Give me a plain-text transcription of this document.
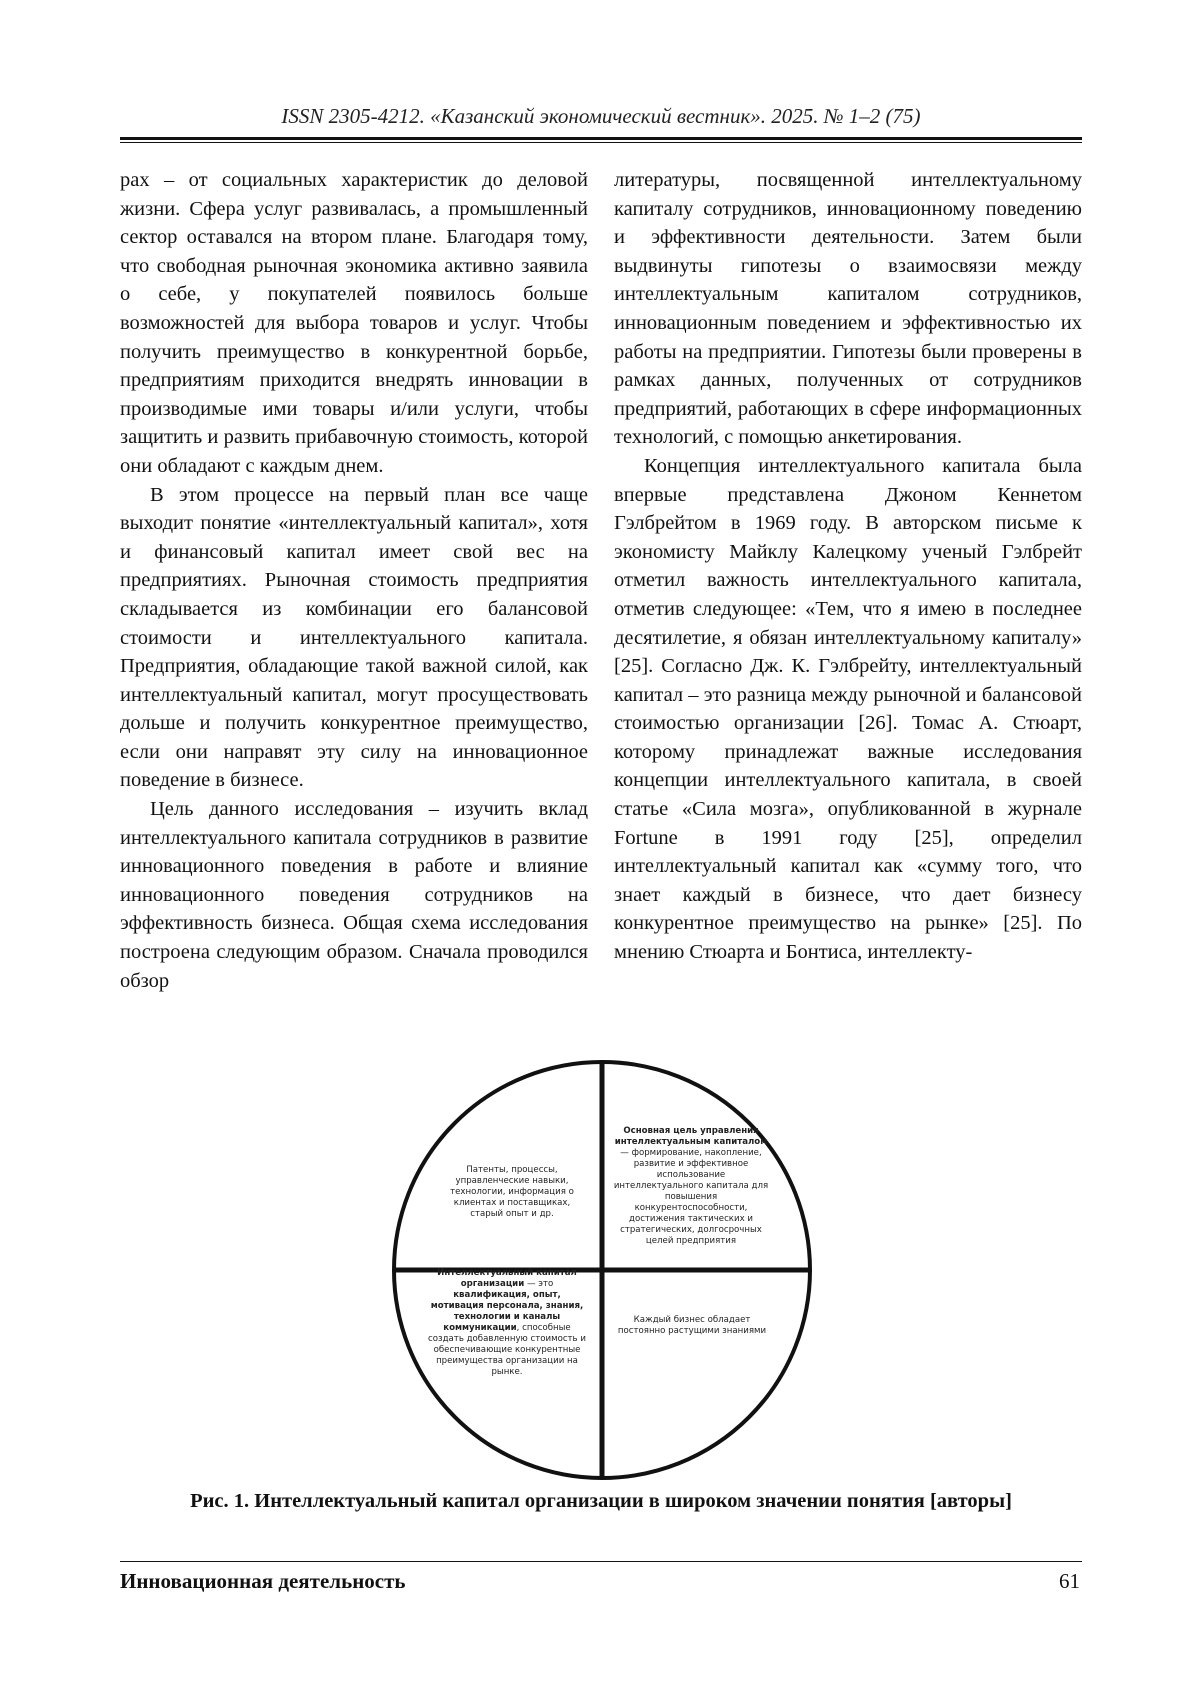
ISSN 2305-4212. «Казанский экономический вестник». 2025. № 1–2 (75)

рах – от социальных характеристик до деловой жизни. Сфера услуг развивалась, а промышленный сектор оставался на втором плане. Благодаря тому, что свободная рыночная экономика активно заявила о себе, у покупателей появилось больше возможностей для выбора товаров и услуг. Чтобы получить преимущество в конкурентной борьбе, предприятиям приходится внедрять инновации в производимые ими товары и/или услуги, чтобы защитить и развить прибавочную стоимость, которой они обладают с каждым днем.

В этом процессе на первый план все чаще выходит понятие «интеллектуальный капитал», хотя и финансовый капитал имеет свой вес на предприятиях. Рыночная стоимость предприятия складывается из комбинации его балансовой стоимости и интеллектуального капитала. Предприятия, обладающие такой важной силой, как интеллектуальный капитал, могут просуществовать дольше и получить конкурентное преимущество, если они направят эту силу на инновационное поведение в бизнесе.

Цель данного исследования – изучить вклад интеллектуального капитала сотрудников в развитие инновационного поведения в работе и влияние инновационного поведения сотрудников на эффективность бизнеса. Общая схема исследования построена следующим образом. Сначала проводился обзор

литературы, посвященной интеллектуальному капиталу сотрудников, инновационному поведению и эффективности деятельности. Затем были выдвинуты гипотезы о взаимосвязи между интеллектуальным капиталом сотрудников, инновационным поведением и эффективностью их работы на предприятии. Гипотезы были проверены в рамках данных, полученных от сотрудников предприятий, работающих в сфере информационных технологий, с помощью анкетирования.

Концепция интеллектуального капитала была впервые представлена Джоном Кеннетом Гэлбрейтом в 1969 году. В авторском письме к экономисту Майклу Калецкому ученый Гэлбрейт отметил важность интеллектуального капитала, отметив следующее: «Тем, что я имею в последнее десятилетие, я обязан интеллектуальному капиталу» [25]. Согласно Дж. К. Гэлбрейту, интеллектуальный капитал – это разница между рыночной и балансовой стоимостью организации [26]. Томас А. Стюарт, которому принадлежат важные исследования концепции интеллектуального капитала, в своей статье «Сила мозга», опубликованной в журнале Fortune в 1991 году [25], определил интеллектуальный капитал как «сумму того, что знает каждый в бизнесе, что дает бизнесу конкурентное преимущество на рынке» [25]. По мнению Стюарта и Бонтиса, интеллекту-

Патенты, процессы, управленческие навыки, технологии, информация о клиентах и поставщиках, старый опыт и др.
Основная цель управления интеллектуальным капиталом — формирование, накопление, развитие и эффективное использование интеллектуального капитала для повышения конкурентоспособности, достижения тактических и стратегических, долгосрочных целей предприятия
Интеллектуальный капитал организации — это квалификация, опыт, мотивация персонала, знания, технологии и каналы коммуникации, способные создать добавленную стоимость и обеспечивающие конкурентные преимущества организации на рынке.
Каждый бизнес обладает постоянно растущими знаниями
Рис. 1. Интеллектуальный капитал организации в широком значении понятия [авторы]
Инновационная деятельность	61
